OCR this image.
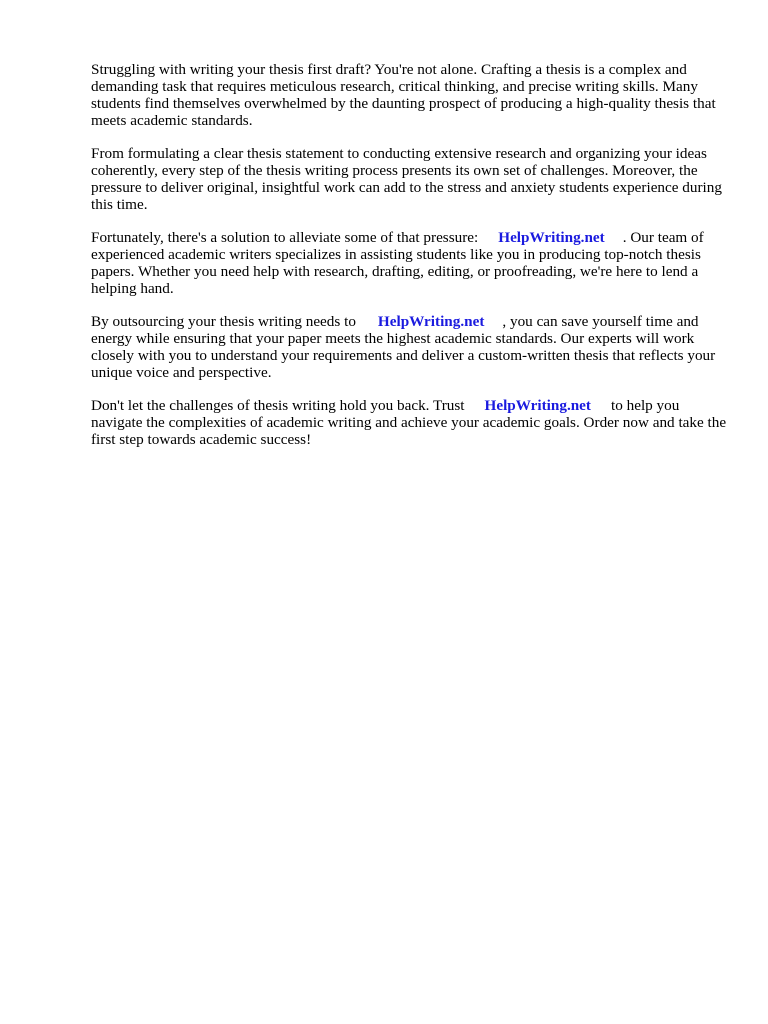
Struggling with writing your thesis first draft? You're not alone. Crafting a thesis is a complex and demanding task that requires meticulous research, critical thinking, and precise writing skills. Many students find themselves overwhelmed by the daunting prospect of producing a high-quality thesis that meets academic standards.

From formulating a clear thesis statement to conducting extensive research and organizing your ideas coherently, every step of the thesis writing process presents its own set of challenges. Moreover, the pressure to deliver original, insightful work can add to the stress and anxiety students experience during this time.

Fortunately, there's a solution to alleviate some of that pressure: HelpWriting.net . Our team of experienced academic writers specializes in assisting students like you in producing top-notch thesis papers. Whether you need help with research, drafting, editing, or proofreading, we're here to lend a helping hand.

By outsourcing your thesis writing needs to HelpWriting.net , you can save yourself time and energy while ensuring that your paper meets the highest academic standards. Our experts will work closely with you to understand your requirements and deliver a custom-written thesis that reflects your unique voice and perspective.

Don't let the challenges of thesis writing hold you back. Trust HelpWriting.net to help you navigate the complexities of academic writing and achieve your academic goals. Order now and take the first step towards academic success!
